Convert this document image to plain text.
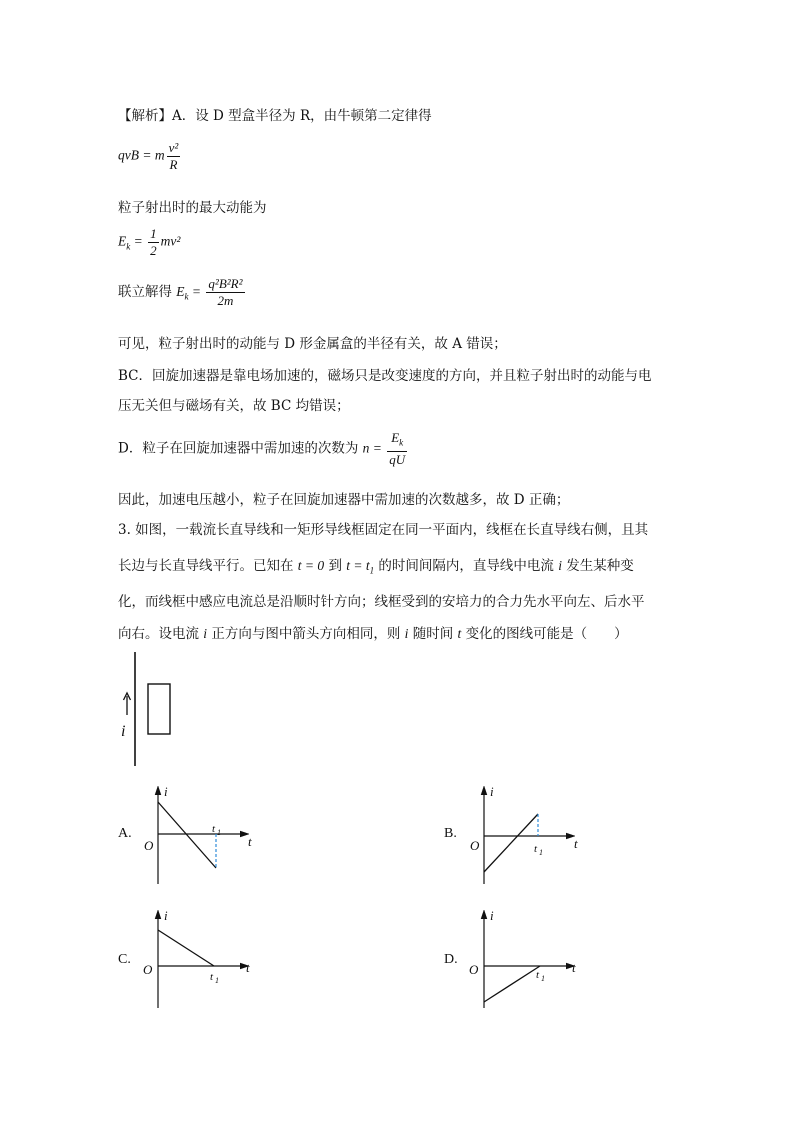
【解析】A．设 D 型盒半径为 R，由牛顿第二定律得
qvB = m $\frac{\text{v²}}{R}$
粒子射出时的最大动能为
$E_k = \frac{1}{2} mv^2$
联立解得 $E_k = \frac{\text{q²B²R²}}{2m}$
可见，粒子射出时的动能与 D 形金属盒的半径有关，故 A 错误；
BC．回旋加速器是靠电场加速的，磁场只是改变速度的方向，并且粒子射出时的动能与电
压无关但与磁场有关，故 BC 均错误；
D．粒子在回旋加速器中需加速的次数为 $n = \frac{E_k}{qU}$
因此，加速电压越小，粒子在回旋加速器中需加速的次数越多，故 D 正确；
3. 如图，一载流长直导线和一矩形导线框固定在同一平面内，线框在长直导线右侧，且其
长边与长直导线平行。已知在 t = 0 到 $t = t_1$ 的时间间隔内，直导线中电流 i 发生某种变
化，而线框中感应电流总是沿顺时针方向；线框受到的安培力的合力先水平向左、后水平
向右。设电流 i 正方向与图中箭头方向相同，则 i 随时间 t 变化的图线可能是（　　）
i
A.
i
t
O
t 1	B.
i
t
O	t 1
C.
i
t
O	t 1
D.
i
t
O	t 1
